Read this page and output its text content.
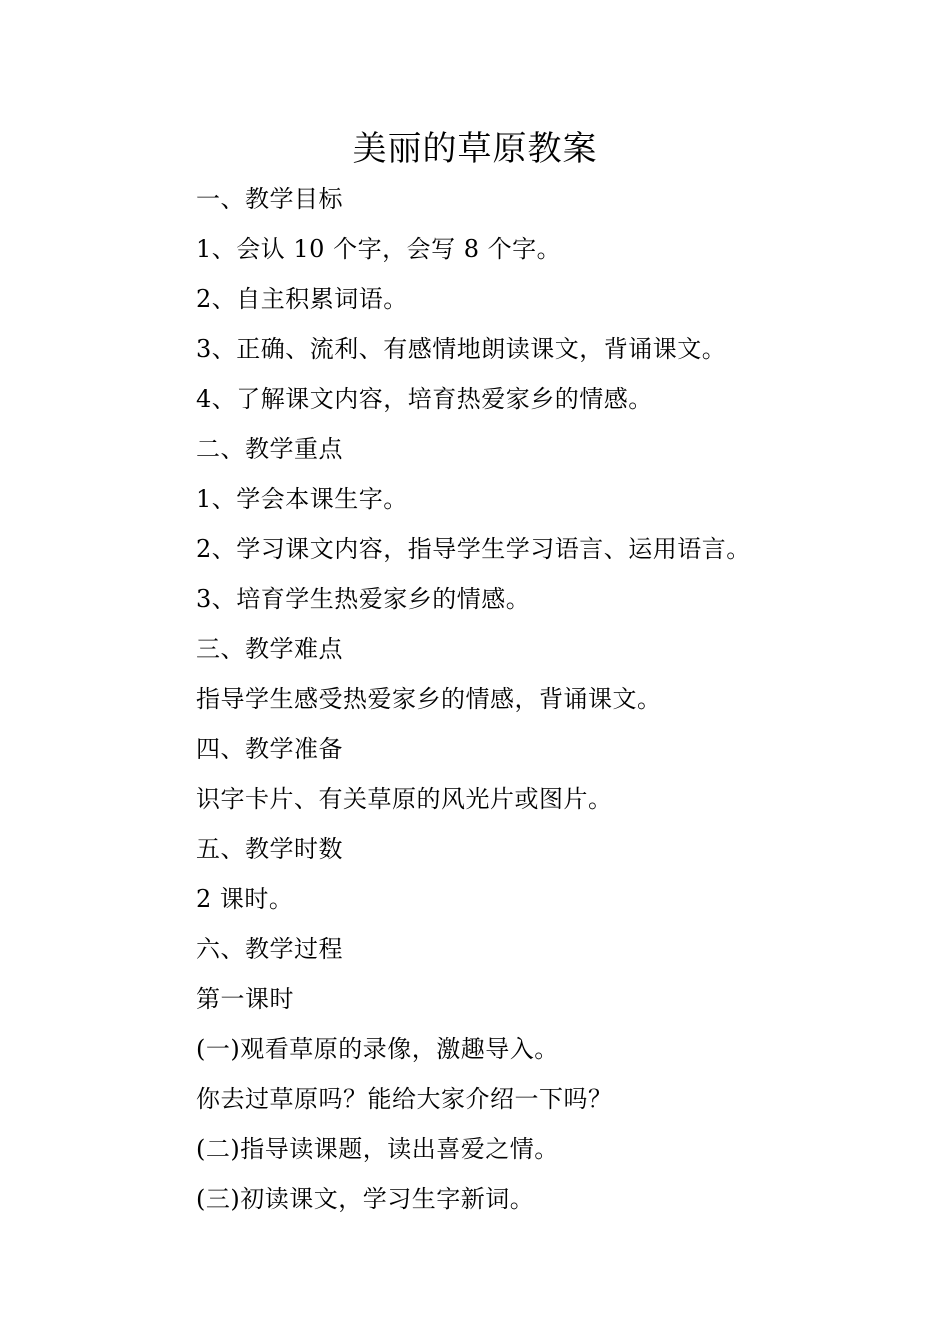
美丽的草原教案
一、教学目标
1、会认 10 个字，会写 8 个字。
2、自主积累词语。
3、正确、流利、有感情地朗读课文，背诵课文。
4、了解课文内容，培育热爱家乡的情感。
二、教学重点
1、学会本课生字。
2、学习课文内容，指导学生学习语言、运用语言。
3、培育学生热爱家乡的情感。
三、教学难点
指导学生感受热爱家乡的情感，背诵课文。
四、教学准备
识字卡片、有关草原的风光片或图片。
五、教学时数
2 课时。
六、教学过程
第一课时
(一)观看草原的录像，激趣导入。
你去过草原吗？能给大家介绍一下吗？
(二)指导读课题，读出喜爱之情。
(三)初读课文，学习生字新词。
